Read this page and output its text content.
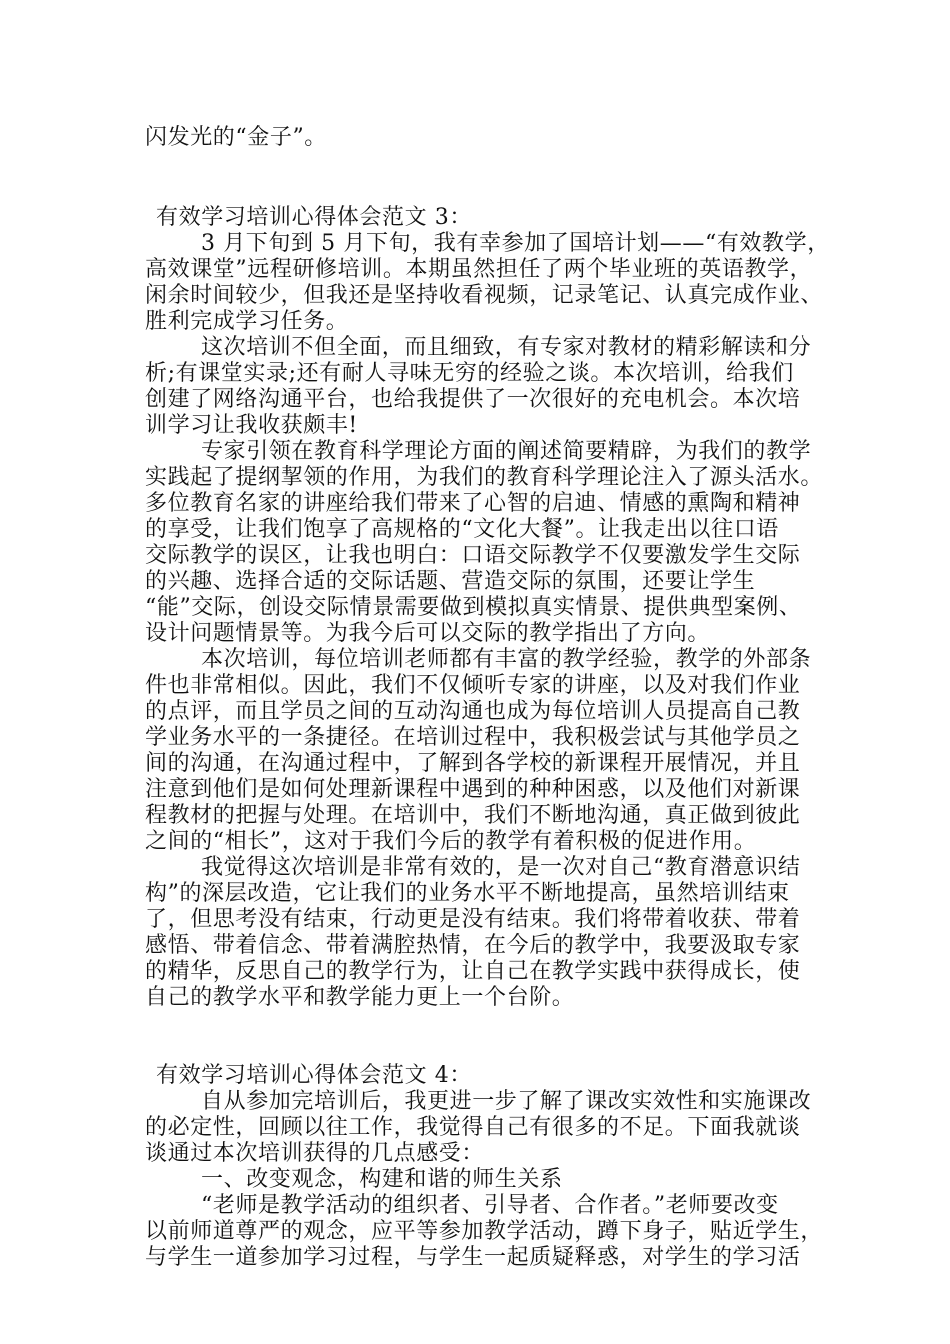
闪发光的“金子”。
有效学习培训心得体会范文 3：
3 月下旬到 5 月下旬，我有幸参加了国培计划——“有效教学，
高效课堂”远程研修培训。本期虽然担任了两个毕业班的英语教学，
闲余时间较少，但我还是坚持收看视频，记录笔记、认真完成作业、
胜利完成学习任务。
这次培训不但全面，而且细致，有专家对教材的精彩解读和分
析;有课堂实录;还有耐人寻味无穷的经验之谈。本次培训，给我们
创建了网络沟通平台，也给我提供了一次很好的充电机会。本次培
训学习让我收获颇丰!
专家引领在教育科学理论方面的阐述简要精辟，为我们的教学
实践起了提纲挈领的作用，为我们的教育科学理论注入了源头活水。
多位教育名家的讲座给我们带来了心智的启迪、情感的熏陶和精神
的享受，让我们饱享了高规格的“文化大餐”。让我走出以往口语
交际教学的误区，让我也明白：口语交际教学不仅要激发学生交际
的兴趣、选择合适的交际话题、营造交际的氛围，还要让学生
“能”交际，创设交际情景需要做到模拟真实情景、提供典型案例、
设计问题情景等。为我今后可以交际的教学指出了方向。
本次培训，每位培训老师都有丰富的教学经验，教学的外部条
件也非常相似。因此，我们不仅倾听专家的讲座，以及对我们作业
的点评，而且学员之间的互动沟通也成为每位培训人员提高自己教
学业务水平的一条捷径。在培训过程中，我积极尝试与其他学员之
间的沟通，在沟通过程中，了解到各学校的新课程开展情况，并且
注意到他们是如何处理新课程中遇到的种种困惑，以及他们对新课
程教材的把握与处理。在培训中，我们不断地沟通，真正做到彼此
之间的“相长”，这对于我们今后的教学有着积极的促进作用。
我觉得这次培训是非常有效的，是一次对自己“教育潜意识结
构”的深层改造，它让我们的业务水平不断地提高，虽然培训结束
了，但思考没有结束，行动更是没有结束。我们将带着收获、带着
感悟、带着信念、带着满腔热情，在今后的教学中，我要汲取专家
的精华，反思自己的教学行为，让自己在教学实践中获得成长，使
自己的教学水平和教学能力更上一个台阶。
有效学习培训心得体会范文 4：
自从参加完培训后，我更进一步了解了课改实效性和实施课改
的必定性，回顾以往工作，我觉得自己有很多的不足。下面我就谈
谈通过本次培训获得的几点感受：
一、改变观念，构建和谐的师生关系
“老师是教学活动的组织者、引导者、合作者。”老师要改变
以前师道尊严的观念，应平等参加教学活动，蹲下身子，贴近学生，
与学生一道参加学习过程，与学生一起质疑释惑，对学生的学习活
